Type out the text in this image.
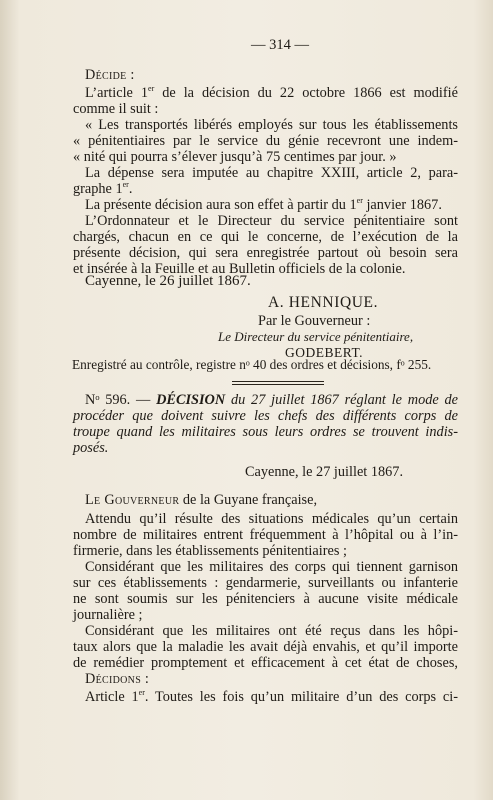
— 314 —

Décide :

L’article 1er de la décision du 22 octobre 1866 est modifié

comme il suit :

« Les transportés libérés employés sur tous les établissements

« pénitentiaires par le service du génie recevront une indem-

« nité qui pourra s’élever jusqu’à 75 centimes par jour. »

La dépense sera imputée au chapitre XXIII, article 2, para-

graphe 1er.

La présente décision aura son effet à partir du 1er janvier 1867.

L’Ordonnateur et le Directeur du service pénitentiaire sont

chargés, chacun en ce qui le concerne, de l’exécution de la

présente décision, qui sera enregistrée partout où besoin sera

et insérée à la Feuille et au Bulletin officiels de la colonie.

Cayenne, le 26 juillet 1867.

A. HENNIQUE.

Par le Gouverneur :

Le Directeur du service pénitentiaire,

GODEBERT.

Enregistré au contrôle, registre nᵒ 40 des ordres et décisions, fᵒ 255.

Nᵒ 596. — DÉCISION du 27 juillet 1867 réglant le mode de

procéder que doivent suivre les chefs des différents corps de

troupe quand les militaires sous leurs ordres se trouvent indis-

posés.

Cayenne, le 27 juillet 1867.

Le Gouverneur de la Guyane française,

Attendu qu’il résulte des situations médicales qu’un certain

nombre de militaires entrent fréquemment à l’hôpital ou à l’in-

firmerie, dans les établissements pénitentiaires ;

Considérant que les militaires des corps qui tiennent garnison

sur ces établissements : gendarmerie, surveillants ou infanterie

ne sont soumis sur les pénitenciers à aucune visite médicale

journalière ;

Considérant que les militaires ont été reçus dans les hôpi-

taux alors que la maladie les avait déjà envahis, et qu’il importe

de remédier promptement et efficacement à cet état de choses,

Décidons :

Article 1er. Toutes les fois qu’un militaire d’un des corps ci-
